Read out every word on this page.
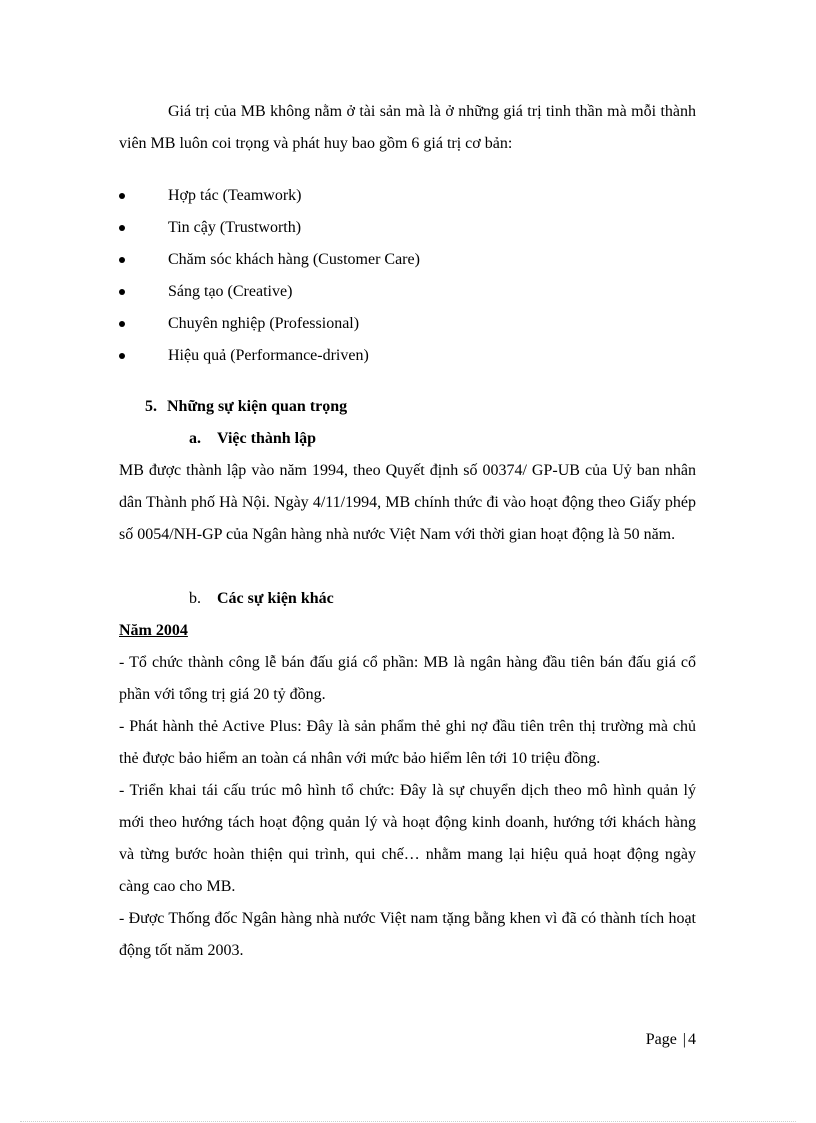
Giá trị của MB không nằm ở tài sản mà là ở những giá trị tinh thần mà mỗi thành viên MB luôn coi trọng và phát huy bao gồm 6 giá trị cơ bản:

Hợp tác (Teamwork)
Tin cậy (Trustworth)
Chăm sóc khách hàng (Customer Care)
Sáng tạo (Creative)
Chuyên nghiệp (Professional)
Hiệu quả (Performance-driven)
5. Những sự kiện quan trọng
a. Việc thành lập

MB được thành lập vào năm 1994, theo Quyết định số 00374/ GP-UB của Uỷ ban nhân dân Thành phố Hà Nội. Ngày 4/11/1994, MB chính thức đi vào hoạt động theo Giấy phép số 0054/NH-GP của Ngân hàng nhà nước Việt Nam với thời gian hoạt động là 50 năm.

b. Các sự kiện khác
Năm 2004

- Tổ chức thành công lễ bán đấu giá cổ phần: MB là ngân hàng đầu tiên bán đấu giá cổ phần với tổng trị giá 20 tỷ đồng.

- Phát hành thẻ Active Plus: Đây là sản phẩm thẻ ghi nợ đầu tiên trên thị trường mà chủ thẻ được bảo hiểm an toàn cá nhân với mức bảo hiểm lên tới 10 triệu đồng.

- Triển khai tái cấu trúc mô hình tổ chức: Đây là sự chuyển dịch theo mô hình quản lý mới theo hướng tách hoạt động quản lý và hoạt động kinh doanh, hướng tới khách hàng và từng bước hoàn thiện qui trình, qui chế… nhằm mang lại hiệu quả hoạt động ngày càng cao cho MB.

- Được Thống đốc Ngân hàng nhà nước Việt nam tặng bằng khen vì đã có thành tích hoạt động tốt năm 2003.

Page | 4
